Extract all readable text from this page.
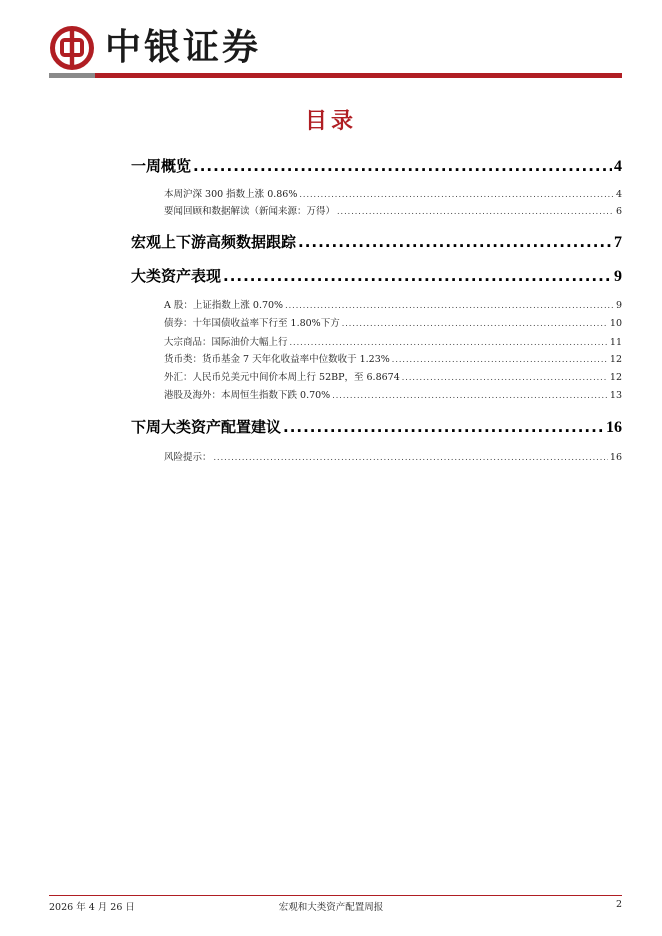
中银证券
目录
一周概览 .....	4
本周沪深 300 指数上涨 0.86% .....	4
要闻回顾和数据解读（新闻来源：万得） .....	6
宏观上下游高频数据跟踪 .....	7
大类资产表现 .....	9
A 股：上证指数上涨 0.70% .....	9
债券：十年国债收益率下行至 1.80%下方 .....	10
大宗商品：国际油价大幅上行 .....	11
货币类：货币基金 7 天年化收益率中位数收于 1.23% .....	12
外汇：人民币兑美元中间价本周上行 52BP，至 6.8674 .....	12
港股及海外：本周恒生指数下跌 0.70% .....	13
下周大类资产配置建议 .....	16
风险提示： .....	16
2026 年 4 月 26 日	宏观和大类资产配置周报	2
